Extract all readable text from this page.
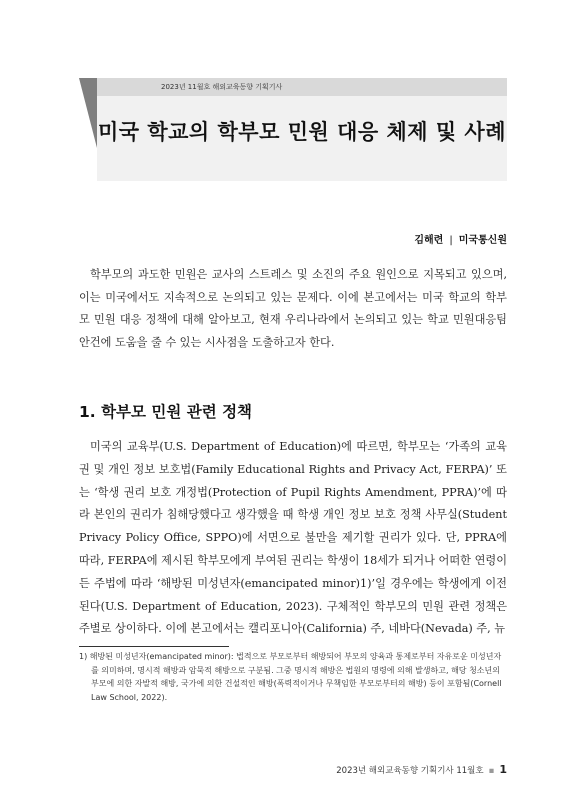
2023년 11월호 해외교육동향 기획기사
미국 학교의 학부모 민원 대응 체제 및 사례
김해련 | 미국통신원

학부모의 과도한 민원은 교사의 스트레스 및 소진의 주요 원인으로 지목되고 있으며, 이는 미국에서도 지속적으로 논의되고 있는 문제다. 이에 본고에서는 미국 학교의 학부모 민원 대응 정책에 대해 알아보고, 현재 우리나라에서 논의되고 있는 학교 민원대응팀 안건에 도움을 줄 수 있는 시사점을 도출하고자 한다.

1. 학부모 민원 관련 정책

미국의 교육부(U.S. Department of Education)에 따르면, 학부모는 ‘가족의 교육권 및 개인 정보 보호법(Family Educational Rights and Privacy Act, FERPA)’ 또는 ‘학생 권리 보호 개정법(Protection of Pupil Rights Amendment, PPRA)’에 따라 본인의 권리가 침해당했다고 생각했을 때 학생 개인 정보 보호 정책 사무실(Student Privacy Policy Office, SPPO)에 서면으로 불만을 제기할 권리가 있다. 단, PPRA에 따라, FERPA에 제시된 학부모에게 부여된 권리는 학생이 18세가 되거나 어떠한 연령이든 주법에 따라 ‘해방된 미성년자(emancipated minor)1)’일 경우에는 학생에게 이전된다(U.S. Department of Education, 2023). 구체적인 학부모의 민원 관련 정책은 주별로 상이하다. 이에 본고에서는 캘리포니아(California) 주, 네바다(Nevada) 주, 뉴

1) 해방된 미성년자(emancipated minor): 법적으로 부모로부터 해방되어 부모의 양육과 통제로부터 자유로운 미성년자를 의미하며, 명시적 해방과 암묵적 해방으로 구분됨. 그중 명시적 해방은 법원의 명령에 의해 발생하고, 해당 청소년의 부모에 의한 자발적 해방, 국가에 의한 건설적인 해방(폭력적이거나 무책임한 부모로부터의 해방) 등이 포함됨(Cornell Law School, 2022).

2023년 해외교육동향 기획기사 11월호 ▪ 1
